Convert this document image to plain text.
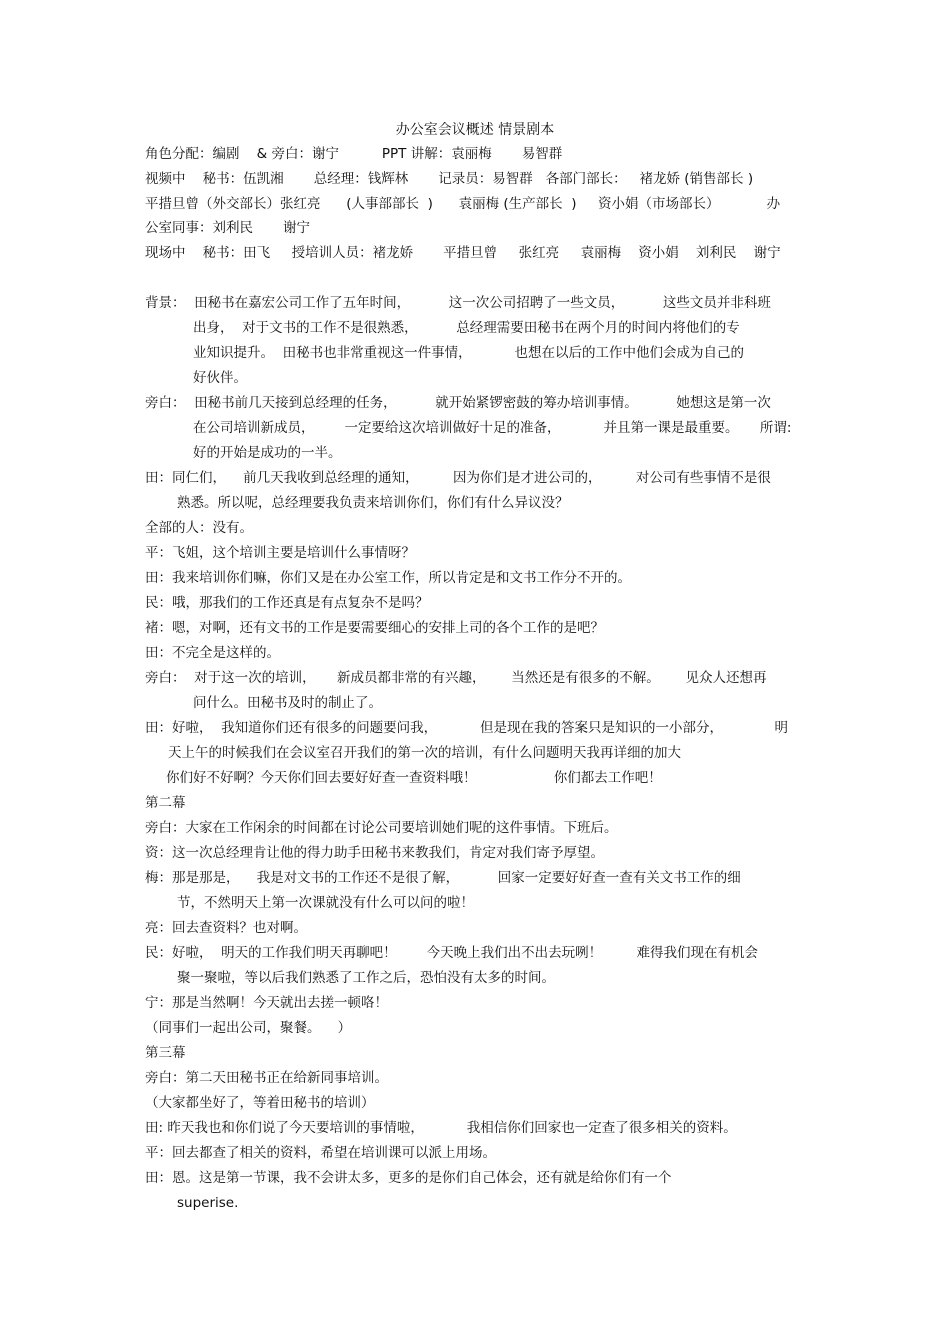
办公室会议概述 情景剧本
角色分配：编剧    & 旁白：谢宁          PPT 讲解：袁丽梅       易智群
视频中    秘书：伍凯湘       总经理：钱辉林       记录员：易智群   各部门部长：   褚龙娇 (销售部长 )
平措旦曾（外交部长）张红亮      (人事部部长  )      袁丽梅 (生产部长  )     资小娟（市场部长）           办
公室同事：刘利民       谢宁
现场中    秘书：田飞     授培训人员：褚龙娇       平措旦曾     张红亮     袁丽梅    资小娟    刘利民    谢宁
背景：  田秘书在嘉宏公司工作了五年时间，         这一次公司招聘了一些文员，         这些文员并非科班
出身，  对于文书的工作不是很熟悉，         总经理需要田秘书在两个月的时间内将他们的专
业知识提升。  田秘书也非常重视这一件事情，          也想在以后的工作中他们会成为自己的
好伙伴。
旁白：  田秘书前几天接到总经理的任务，         就开始紧锣密鼓的筹办培训事情。         她想这是第一次
在公司培训新成员，       一定要给这次培训做好十足的准备，          并且第一课是最重要。     所谓:
好的开始是成功的一半。
田：同仁们，    前几天我收到总经理的通知，        因为你们是才进公司的，        对公司有些事情不是很
熟悉。所以呢，总经理要我负责来培训你们，你们有什么异议没？
全部的人：没有。
平：飞姐，这个培训主要是培训什么事情呀？
田：我来培训你们嘛，你们又是在办公室工作，所以肯定是和文书工作分不开的。
民：哦，那我们的工作还真是有点复杂不是吗？
褚：嗯，对啊，还有文书的工作是要需要细心的安排上司的各个工作的是吧？
田：不完全是这样的。
旁白：  对于这一次的培训，     新成员都非常的有兴趣，      当然还是有很多的不解。      见众人还想再
问什么。田秘书及时的制止了。
田：好啦，  我知道你们还有很多的问题要问我，          但是现在我的答案只是知识的一小部分，            明
天上午的时候我们在会议室召开我们的第一次的培训，有什么问题明天我再详细的加大
你们好不好啊？今天你们回去要好好查一查资料哦！                  你们都去工作吧！
第二幕
旁白：大家在工作闲余的时间都在讨论公司要培训她们呢的这件事情。下班后。
资：这一次总经理肯让他的得力助手田秘书来教我们，肯定对我们寄予厚望。
梅：那是那是，    我是对文书的工作还不是很了解，         回家一定要好好查一查有关文书工作的细
节，不然明天上第一次课就没有什么可以问的啦！
亮：回去查资料？也对啊。
民：好啦，  明天的工作我们明天再聊吧！       今天晚上我们出不出去玩咧！        难得我们现在有机会
聚一聚啦，等以后我们熟悉了工作之后，恐怕没有太多的时间。
宁：那是当然啊！今天就出去搓一顿咯！
（同事们一起出公司，聚餐。    ）
第三幕
旁白：第二天田秘书正在给新同事培训。
（大家都坐好了，等着田秘书的培训）
田: 昨天我也和你们说了今天要培训的事情啦，          我相信你们回家也一定查了很多相关的资料。
平：回去都查了相关的资料，希望在培训课可以派上用场。
田：恩。这是第一节课，我不会讲太多，更多的是你们自己体会，还有就是给你们有一个
superise.
